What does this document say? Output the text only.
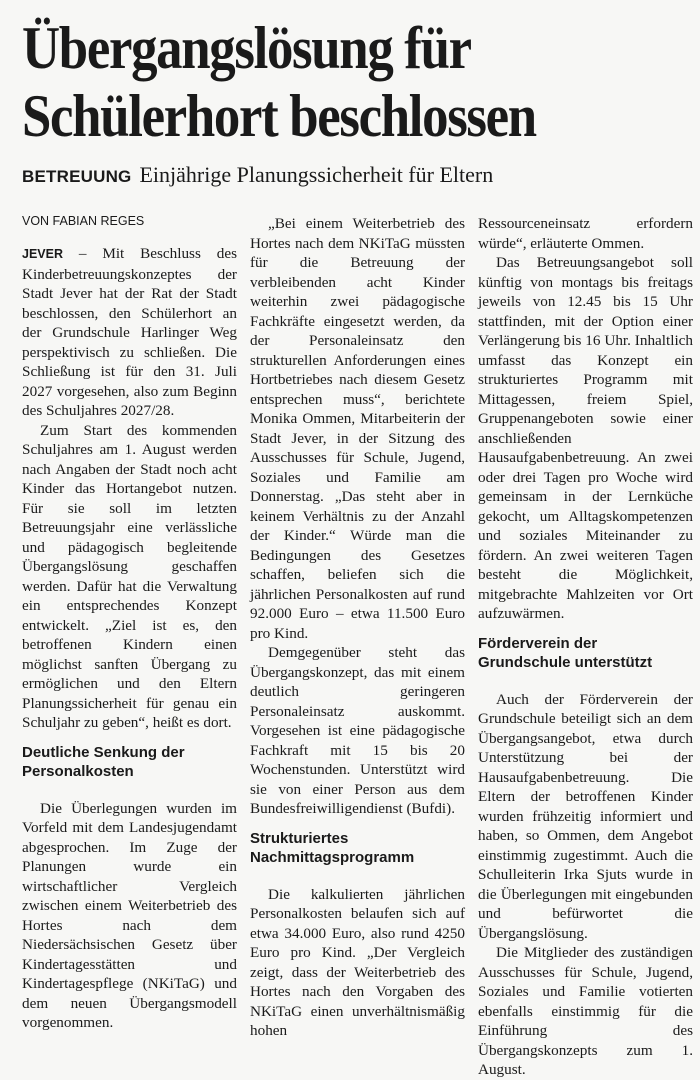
Übergangslösung für
Schülerhort beschlossen
BETREUUNG Einjährige Planungssicherheit für Eltern
VON FABIAN REGES

JEVER – Mit Beschluss des Kinderbetreuungskonzeptes der Stadt Jever hat der Rat der Stadt beschlossen, den Schülerhort an der Grundschule Harlinger Weg perspektivisch zu schließen. Die Schließung ist für den 31. Juli 2027 vorgesehen, also zum Beginn des Schuljahres 2027/28.

Zum Start des kommenden Schuljahres am 1. August werden nach Angaben der Stadt noch acht Kinder das Hortangebot nutzen. Für sie soll im letzten Betreuungsjahr eine verlässliche und pädagogisch begleitende Übergangslösung geschaffen werden. Dafür hat die Verwaltung ein entsprechendes Konzept entwickelt. „Ziel ist es, den betroffenen Kindern einen möglichst sanften Übergang zu ermöglichen und den Eltern Planungssicherheit für genau ein Schuljahr zu geben“, heißt es dort.

Deutliche Senkung der Personalkosten

Die Überlegungen wurden im Vorfeld mit dem Landesjugendamt abgesprochen. Im Zuge der Planungen wurde ein wirtschaftlicher Vergleich zwischen einem Weiterbetrieb des Hortes nach dem Niedersächsischen Gesetz über Kindertagesstätten und Kindertagespflege (NKiTaG) und dem neuen Übergangsmodell vorgenommen.

„Bei einem Weiterbetrieb des Hortes nach dem NKiTaG müssten für die Betreuung der verbleibenden acht Kinder weiterhin zwei pädagogische Fachkräfte eingesetzt werden, da der Personaleinsatz den strukturellen Anforderungen eines Hortbetriebes nach diesem Gesetz entsprechen muss“, berichtete Monika Ommen, Mitarbeiterin der Stadt Jever, in der Sitzung des Ausschusses für Schule, Jugend, Soziales und Familie am Donnerstag. „Das steht aber in keinem Verhältnis zu der Anzahl der Kinder.“ Würde man die Bedingungen des Gesetzes schaffen, beliefen sich die jährlichen Personalkosten auf rund 92.000 Euro – etwa 11.500 Euro pro Kind.

Demgegenüber steht das Übergangskonzept, das mit einem deutlich geringeren Personaleinsatz auskommt. Vorgesehen ist eine pädagogische Fachkraft mit 15 bis 20 Wochenstunden. Unterstützt wird sie von einer Person aus dem Bundesfreiwilligendienst (Bufdi).

Strukturiertes Nachmittagsprogramm

Die kalkulierten jährlichen Personalkosten belaufen sich auf etwa 34.000 Euro, also rund 4250 Euro pro Kind. „Der Vergleich zeigt, dass der Weiterbetrieb des Hortes nach den Vorgaben des NKiTaG einen unverhältnismäßig hohen

Ressourceneinsatz erfordern würde“, erläuterte Ommen.

Das Betreuungsangebot soll künftig von montags bis freitags jeweils von 12.45 bis 15 Uhr stattfinden, mit der Option einer Verlängerung bis 16 Uhr. Inhaltlich umfasst das Konzept ein strukturiertes Programm mit Mittagessen, freiem Spiel, Gruppenangeboten sowie einer anschließenden Hausaufgabenbetreuung. An zwei oder drei Tagen pro Woche wird gemeinsam in der Lernküche gekocht, um Alltagskompetenzen und soziales Miteinander zu fördern. An zwei weiteren Tagen besteht die Möglichkeit, mitgebrachte Mahlzeiten vor Ort aufzuwärmen.

Förderverein der Grundschule unterstützt

Auch der Förderverein der Grundschule beteiligt sich an dem Übergangsangebot, etwa durch Unterstützung bei der Hausaufgabenbetreuung. Die Eltern der betroffenen Kinder wurden frühzeitig informiert und haben, so Ommen, dem Angebot einstimmig zugestimmt. Auch die Schulleiterin Irka Sjuts wurde in die Überlegungen mit eingebunden und befürwortet die Übergangslösung.

Die Mitglieder des zuständigen Ausschusses für Schule, Jugend, Soziales und Familie votierten ebenfalls einstimmig für die Einführung des Übergangskonzepts zum 1. August.
